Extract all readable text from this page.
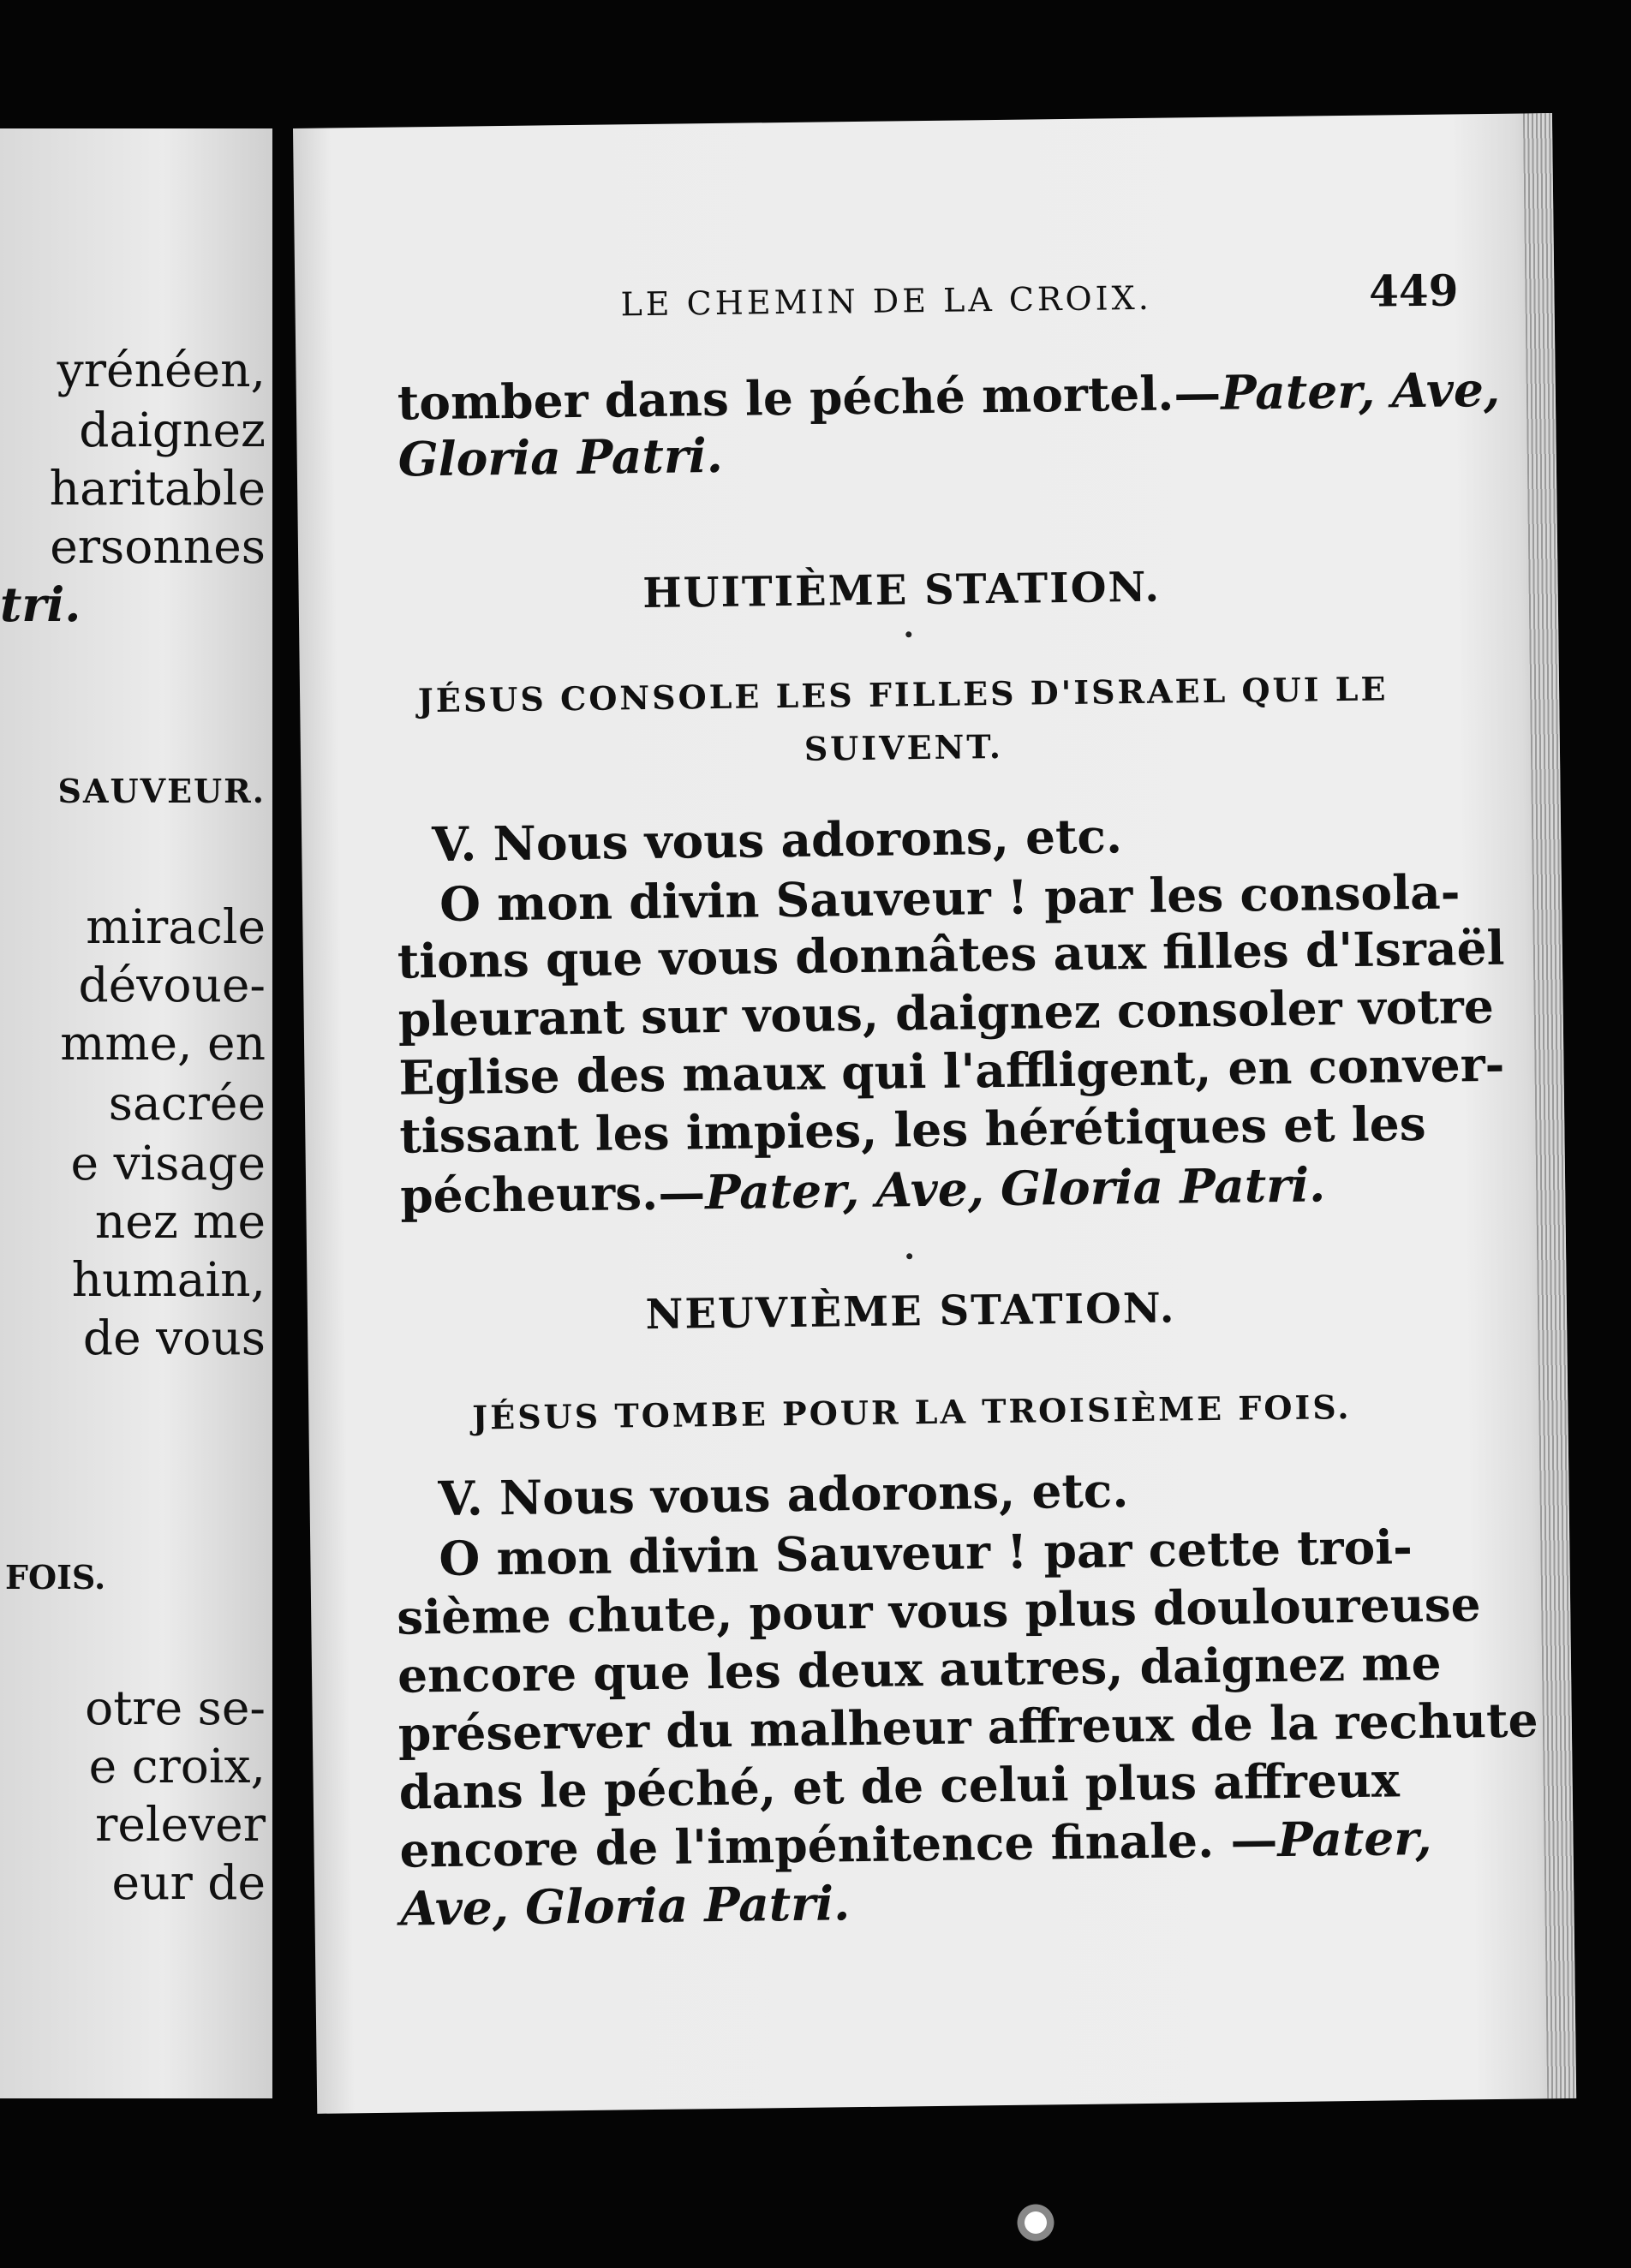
yrénéen,
daignez
haritable
ersonnes
tri.
SAUVEUR.
miracle
dévoue-
mme, en
sacrée
e visage
nez me
humain,
de vous
FOIS.
otre se-
e croix,
relever
eur de
LE CHEMIN DE LA CROIX.	449
tomber dans le péché mortel.—Pater, Ave,
Gloria Patri.
HUITIÈME STATION.
JÉSUS CONSOLE LES FILLES D'ISRAEL QUI LE
SUIVENT.
V. Nous vous adorons, etc.
O mon divin Sauveur ! par les consola-
tions que vous donnâtes aux filles d'Israël
pleurant sur vous, daignez consoler votre
Eglise des maux qui l'affligent, en conver-
tissant les impies, les hérétiques et les
pécheurs.—Pater, Ave, Gloria Patri.
NEUVIÈME STATION.
JÉSUS TOMBE POUR LA TROISIÈME FOIS.
V. Nous vous adorons, etc.
O mon divin Sauveur ! par cette troi-
sième chute, pour vous plus douloureuse
encore que les deux autres, daignez me
préserver du malheur affreux de la rechute
dans le péché, et de celui plus affreux
encore de l'impénitence finale. — Pater,
Ave, Gloria Patri.
